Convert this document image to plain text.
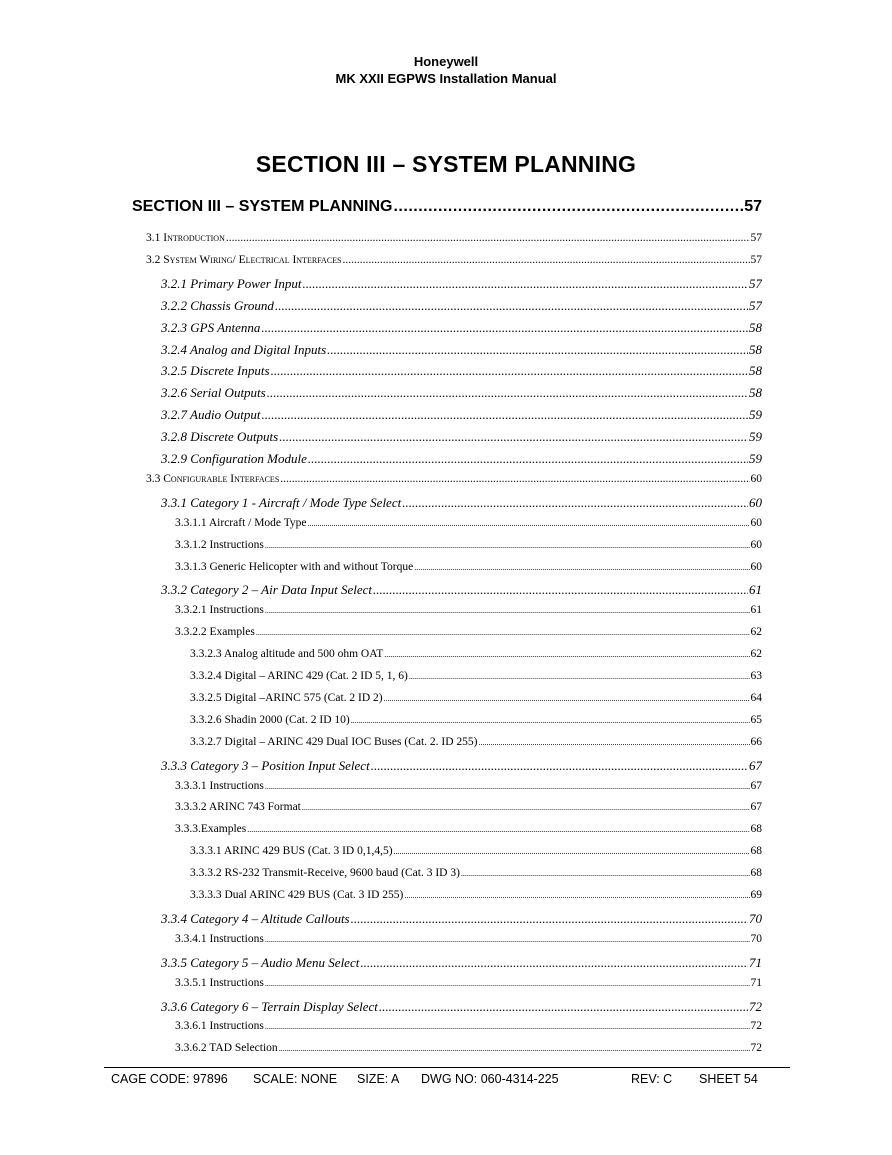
Honeywell
MK XXII EGPWS Installation Manual
SECTION III – SYSTEM PLANNING
SECTION III – SYSTEM PLANNING .....	57
3.1 Introduction .....	57
3.2 System Wiring/ Electrical Interfaces .....	57
3.2.1 Primary Power Input .....	57
3.2.2 Chassis Ground .....	57
3.2.3 GPS Antenna .....	58
3.2.4 Analog and Digital Inputs .....	58
3.2.5 Discrete Inputs .....	58
3.2.6 Serial Outputs .....	58
3.2.7 Audio Output .....	59
3.2.8 Discrete Outputs .....	59
3.2.9 Configuration Module .....	59
3.3 Configurable Interfaces .....	60
3.3.1 Category 1 - Aircraft / Mode Type Select .....	60
3.3.1.1 Aircraft / Mode Type .....	60
3.3.1.2 Instructions .....	60
3.3.1.3 Generic Helicopter with and without Torque .....	60
3.3.2 Category 2 – Air Data Input Select .....	61
3.3.2.1 Instructions .....	61
3.3.2.2 Examples .....	62
3.3.2.3 Analog altitude and 500 ohm OAT .....	62
3.3.2.4 Digital – ARINC 429 (Cat. 2 ID 5, 1, 6) .....	63
3.3.2.5 Digital –ARINC 575 (Cat. 2 ID 2) .....	64
3.3.2.6 Shadin 2000 (Cat. 2 ID 10) .....	65
3.3.2.7 Digital – ARINC 429 Dual IOC Buses (Cat. 2. ID 255) .....	66
3.3.3 Category 3 – Position Input Select .....	67
3.3.3.1 Instructions .....	67
3.3.3.2 ARINC 743 Format .....	67
3.3.3.Examples .....	68
3.3.3.1 ARINC 429 BUS (Cat. 3 ID 0,1,4,5) .....	68
3.3.3.2 RS-232 Transmit-Receive, 9600 baud (Cat. 3 ID 3) .....	68
3.3.3.3 Dual ARINC 429 BUS (Cat. 3 ID 255) .....	69
3.3.4 Category 4 – Altitude Callouts .....	70
3.3.4.1 Instructions .....	70
3.3.5 Category 5 – Audio Menu Select .....	71
3.3.5.1 Instructions .....	71
3.3.6 Category 6 – Terrain Display Select .....	72
3.3.6.1 Instructions .....	72
3.3.6.2 TAD Selection .....	72
CAGE CODE: 97896 SCALE: NONE SIZE: A DWG NO: 060-4314-225	REV: C SHEET 54
